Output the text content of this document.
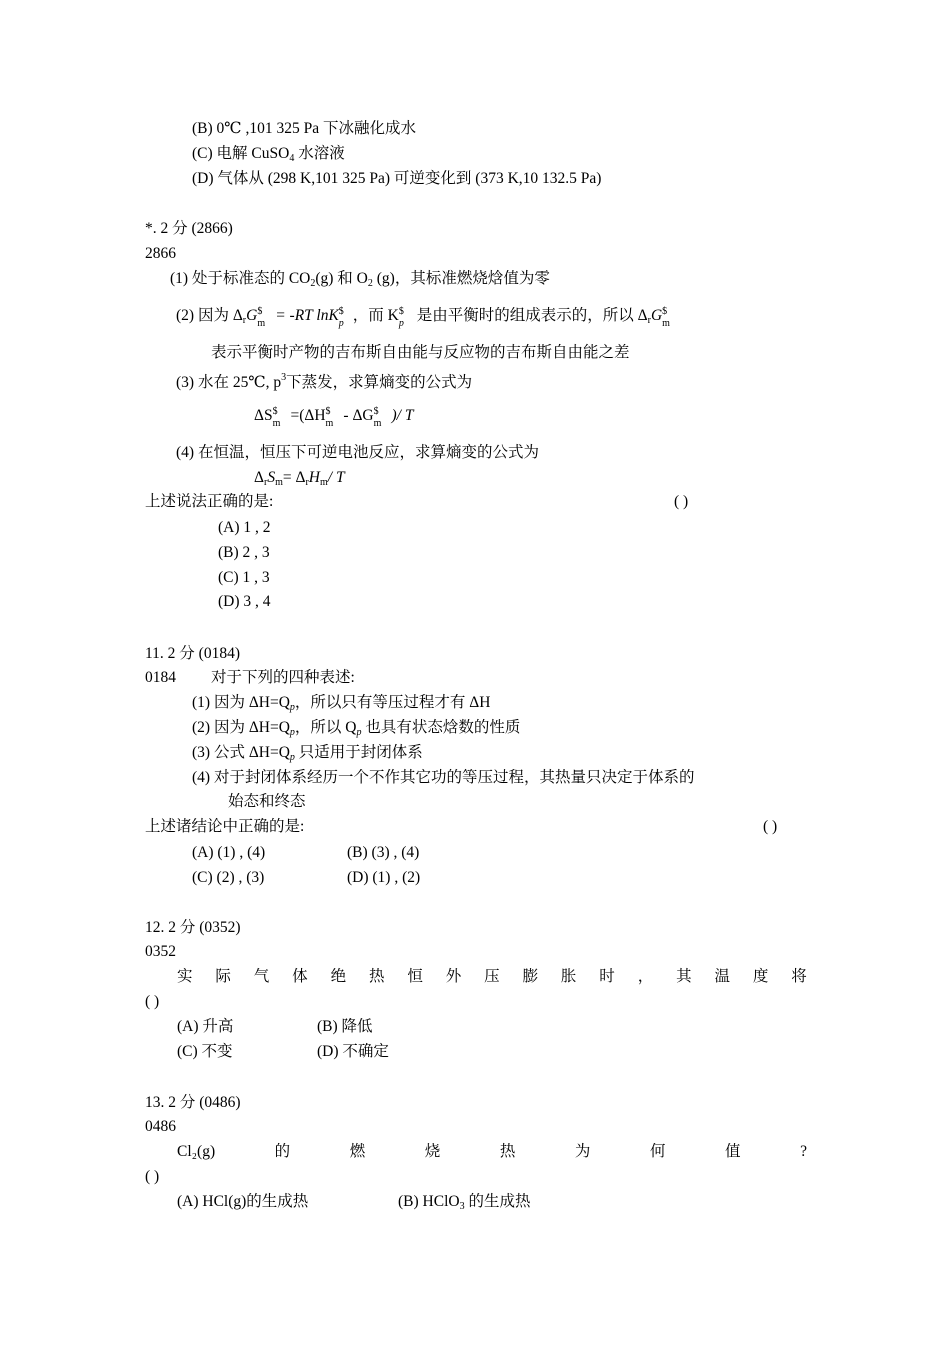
(B) 0℃ ,101 325 Pa 下冰融化成水
(C) 电解 CuSO$_4$ 水溶液
(D) 气体从 (298 K,101 325 Pa) 可逆变化到 (373 K,10 132.5 Pa)
*. 2 分 (2866)
2866
(1) 处于标准态的 $CO_2(g)$ 和 $O_2$ (g)，其标准燃烧焓值为零
(2) 因为 $\Delta_rG$ $
m = -RT lnK $
p ，而 K $
p 是由平衡时的组成表示的，所以 $\Delta_rG$ $
m
表示平衡时产物的吉布斯自由能与反应物的吉布斯自由能之差
(3) 水在 25℃, $p^3$下蒸发，求算熵变的公式为
ΔS $
m =(ΔH $
m - ΔG $
m )/ T
(4) 在恒温，恒压下可逆电池反应，求算熵变的公式为
$\Delta_rS_m= \Delta_rH_m/$ T
上述说法正确的是:	( )
(A) 1 , 2
(B) 2 , 3
(C) 1 , 3
(D) 3 , 4
11. 2 分 (0184)
0184 对于下列的四种表述:
(1) 因为 $\Delta H=Q_p$，所以只有等压过程才有 ΔH
(2) 因为 $\Delta H=Q_p$，所以 $Q_p$ 也具有状态焓数的性质
(3) 公式 $\Delta H=Q_p$ 只适用于封闭体系
(4) 对于封闭体系经历一个不作其它功的等压过程，其热量只决定于体系的
始态和终态
上述诸结论中正确的是:	( )
(A) (1) , (4)	(B) (3) , (4)
(C) (2) , (3)	(D) (1) , (2)
12. 2 分 (0352)
0352
实 际 气 体 绝 热 恒 外 压 膨 胀 时 ， 其 温 度 将
( )
(A) 升高	(B) 降低
(C) 不变	(D) 不确定
13. 2 分 (0486)
0486
Cl₂(g)	的	燃	烧	热	为	何	值	?
( )
(A) HCl(g)的生成热	(B) HClO$_3$ 的生成热
